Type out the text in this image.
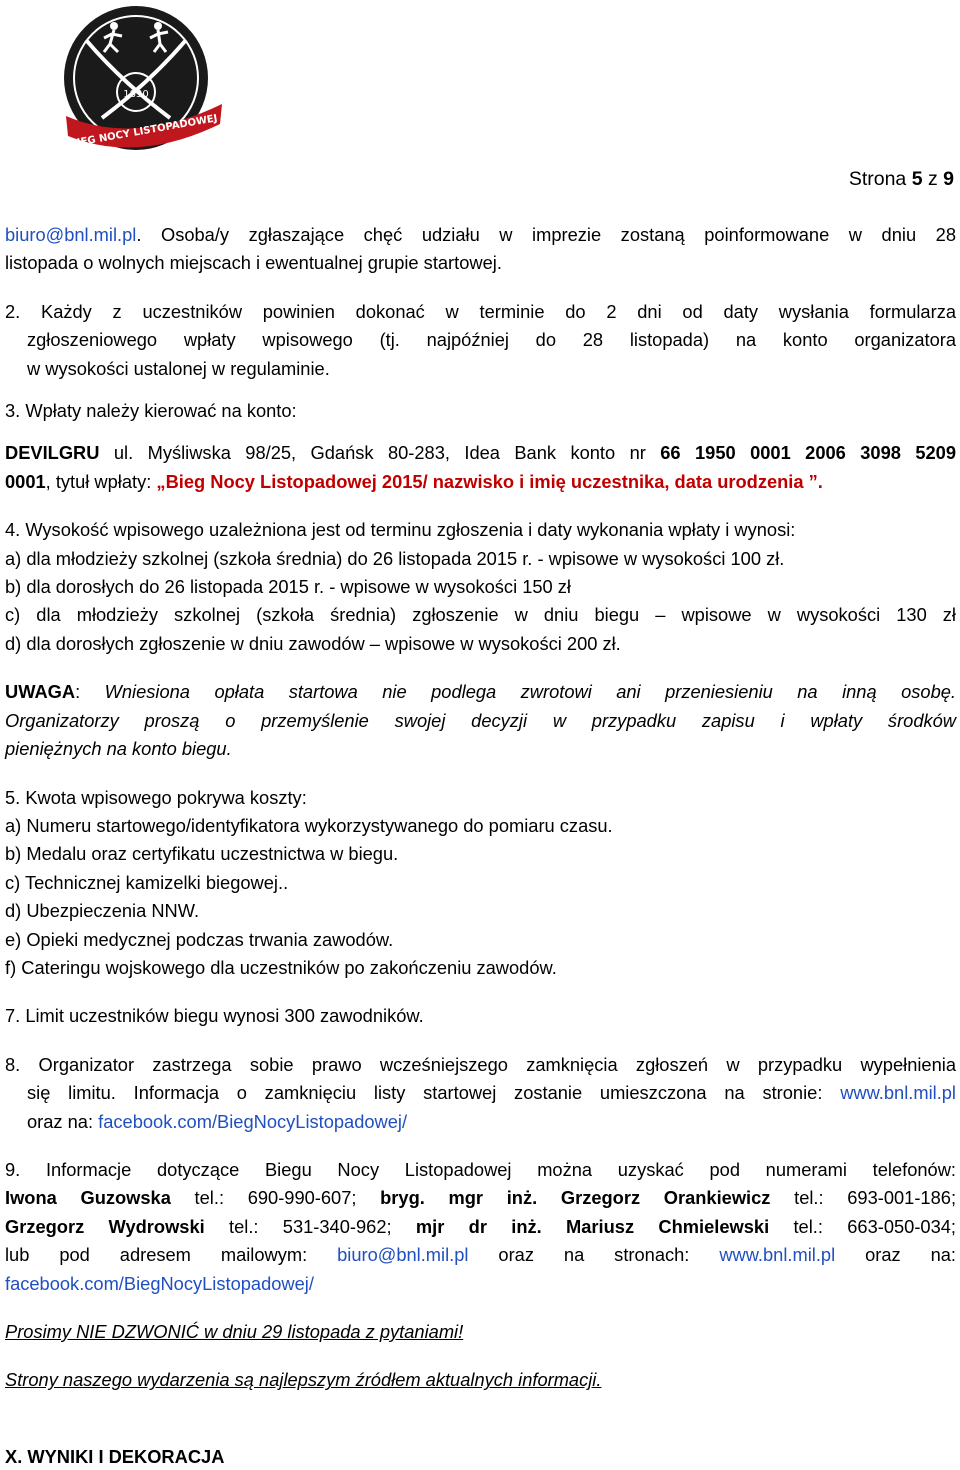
1830
BIEG NOCY LISTOPADOWEJ
Strona 5 z 9

biuro@bnl.mil.pl. Osoba/y zgłaszające chęć udziału w imprezie zostaną poinformowane w dniu 28

listopada o wolnych miejscach i ewentualnej grupie startowej.

2. Każdy z uczestników powinien dokonać w terminie do 2 dni od daty wysłania formularza

zgłoszeniowego wpłaty wpisowego (tj. najpóźniej do 28 listopada) na konto organizatora

w wysokości ustalonej w regulaminie.

3. Wpłaty należy kierować na konto:

DEVILGRU ul. Myśliwska 98/25, Gdańsk 80-283, Idea Bank konto nr 66 1950 0001 2006 3098 5209

0001, tytuł wpłaty: „Bieg Nocy Listopadowej 2015/ nazwisko i imię uczestnika, data urodzenia ”.

4. Wysokość wpisowego uzależniona jest od terminu zgłoszenia i daty wykonania wpłaty i wynosi:

a) dla młodzieży szkolnej (szkoła średnia) do 26 listopada 2015 r. - wpisowe w wysokości 100 zł.

b) dla dorosłych do 26 listopada 2015 r. - wpisowe w wysokości 150 zł

c) dla młodzieży szkolnej (szkoła średnia) zgłoszenie w dniu biegu – wpisowe w wysokości 130 zł

d) dla dorosłych zgłoszenie w dniu zawodów – wpisowe w wysokości 200 zł.

UWAGA: Wniesiona opłata startowa nie podlega zwrotowi ani przeniesieniu na inną osobę.

Organizatorzy proszą o przemyślenie swojej decyzji w przypadku zapisu i wpłaty środków

pieniężnych na konto biegu.

5. Kwota wpisowego pokrywa koszty:

a) Numeru startowego/identyfikatora wykorzystywanego do pomiaru czasu.

b) Medalu oraz certyfikatu uczestnictwa w biegu.

c) Technicznej kamizelki biegowej..

d) Ubezpieczenia NNW.

e) Opieki medycznej podczas trwania zawodów.

f) Cateringu wojskowego dla uczestników po zakończeniu zawodów.

7. Limit uczestników biegu wynosi 300 zawodników.

8. Organizator zastrzega sobie prawo wcześniejszego zamknięcia zgłoszeń w przypadku wypełnienia

się limitu. Informacja o zamknięciu listy startowej zostanie umieszczona na stronie: www.bnl.mil.pl

oraz na: facebook.com/BiegNocyListopadowej/

9. Informacje dotyczące Biegu Nocy Listopadowej można uzyskać pod numerami telefonów:

Iwona Guzowska tel.: 690-990-607; bryg. mgr inż. Grzegorz Orankiewicz tel.: 693-001-186;

Grzegorz Wydrowski tel.: 531-340-962; mjr dr inż. Mariusz Chmielewski tel.: 663-050-034;

lub pod adresem mailowym: biuro@bnl.mil.pl oraz na stronach: www.bnl.mil.pl oraz na:

facebook.com/BiegNocyListopadowej/

Prosimy NIE DZWONIĆ w dniu 29 listopada z pytaniami!

Strony naszego wydarzenia są najlepszym źródłem aktualnych informacji.

X. WYNIKI I DEKORACJA
